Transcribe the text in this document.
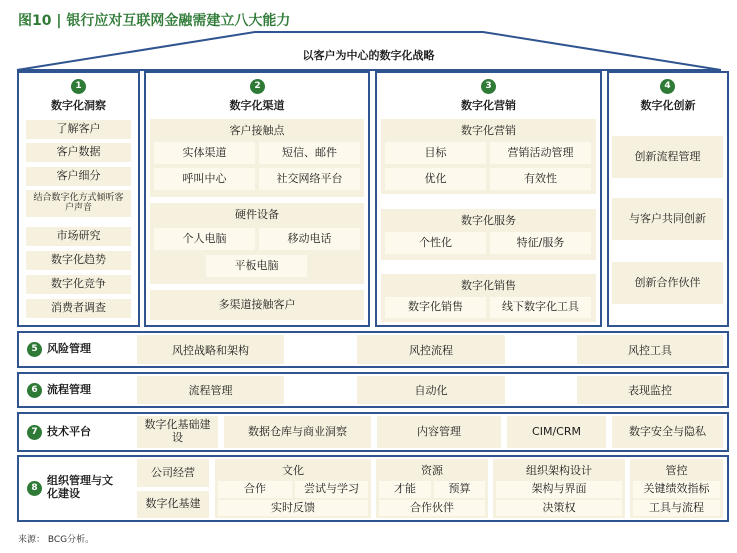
图10 | 银行应对互联网金融需建立八大能力
以客户为中心的数字化战略
1
数字化洞察
了解客户
客户数据
客户细分
结合数字化方式倾听客户声音
市场研究
数字化趋势
数字化竞争
消费者调查
2
数字化渠道
客户接触点
实体渠道	短信、邮件
呼叫中心	社交网络平台
硬件设备
个人电脑	移动电话
平板电脑
多渠道接触客户
3
数字化营销
数字化营销
目标	营销活动管理
优化	有效性
数字化服务
个性化	特征/服务
数字化销售
数字化销售	线下数字化工具
4
数字化创新
创新流程管理
与客户共同创新
创新合作伙伴
5 风险管理	风控战略和架构	风控流程	风控工具
6 流程管理	流程管理	自动化	表现监控
7 技术平台
数字化基础建设	数据仓库与商业洞察	内容管理	CIM/CRM	数字安全与隐私
8
组织管理与文化建设
公司经营
数字化基建
文化
合作	尝试与学习
实时反馈
资源
才能	预算
合作伙伴
组织架构设计
架构与界面
决策权
管控
关键绩效指标
工具与流程
来源： BCG分析。
